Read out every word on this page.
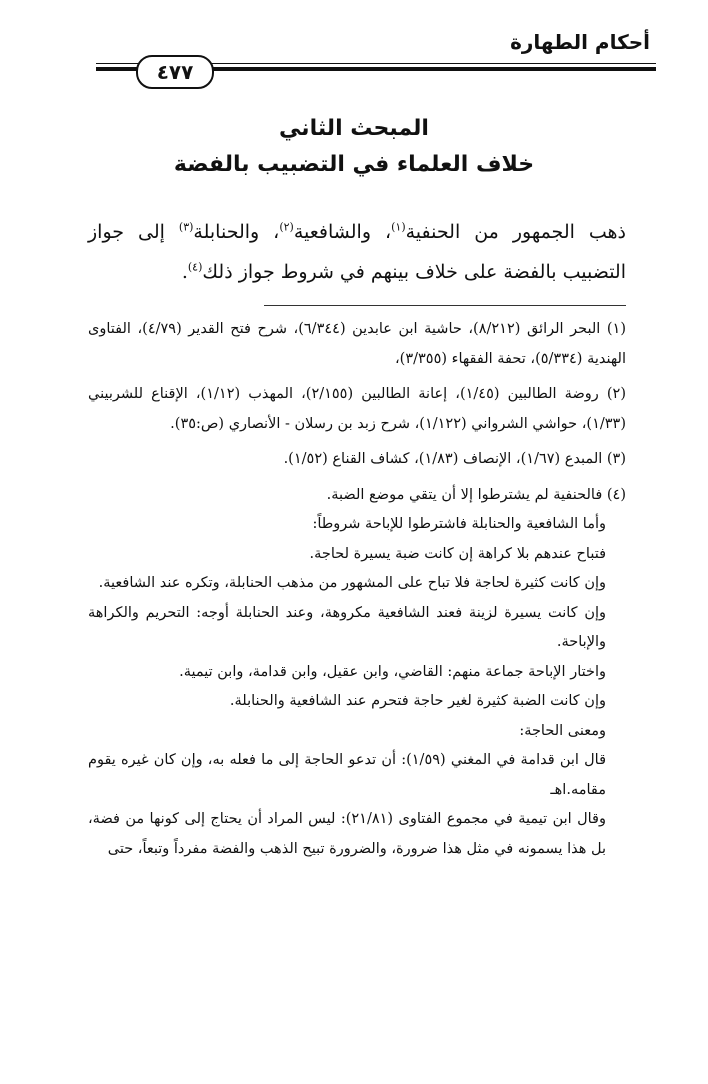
أحكام الطهارة
٤٧٧
المبحث الثاني
خلاف العلماء في التضبيب بالفضة

ذهب الجمهور من الحنفية$^{(١)}$، والشافعية$^{(٢)}$، والحنابلة$^{(٣)}$ إلى جواز التضبيب بالفضة على خلاف بينهم في شروط جواز ذلك$^{(٤)}$.

(١) البحر الرائق (٨/٢١٢)، حاشية ابن عابدين (٦/٣٤٤)، شرح فتح القدير (٤/٧٩)، الفتاوى الهندية (٥/٣٣٤)، تحفة الفقهاء (٣/٣٥٥)،

(٢) روضة الطالبين (١/٤٥)، إعانة الطالبين (٢/١٥٥)، المهذب (١/١٢)، الإقناع للشربيني (١/٣٣)، حواشي الشرواني (١/١٢٢)، شرح زبد بن رسلان - الأنصاري (ص:٣٥).

(٣) المبدع (١/٦٧)، الإنصاف (١/٨٣)، كشاف القناع (١/٥٢).

(٤) فالحنفية لم يشترطوا إلا أن يتقي موضع الضبة.

وأما الشافعية والحنابلة فاشترطوا للإباحة شروطاً:

فتباح عندهم بلا كراهة إن كانت ضبة يسيرة لحاجة.

وإن كانت كثيرة لحاجة فلا تباح على المشهور من مذهب الحنابلة، وتكره عند الشافعية.

وإن كانت يسيرة لزينة فعند الشافعية مكروهة، وعند الحنابلة أوجه: التحريم والكراهة والإباحة.

واختار الإباحة جماعة منهم: القاضي، وابن عقيل، وابن قدامة، وابن تيمية.

وإن كانت الضبة كثيرة لغير حاجة فتحرم عند الشافعية والحنابلة.

ومعنى الحاجة:

قال ابن قدامة في المغني (١/٥٩): أن تدعو الحاجة إلى ما فعله به، وإن كان غيره يقوم مقامه.اهـ

وقال ابن تيمية في مجموع الفتاوى (٢١/٨١): ليس المراد أن يحتاج إلى كونها من فضة، بل هذا يسمونه في مثل هذا ضرورة، والضرورة تبيح الذهب والفضة مفرداً وتبعاً، حتى
